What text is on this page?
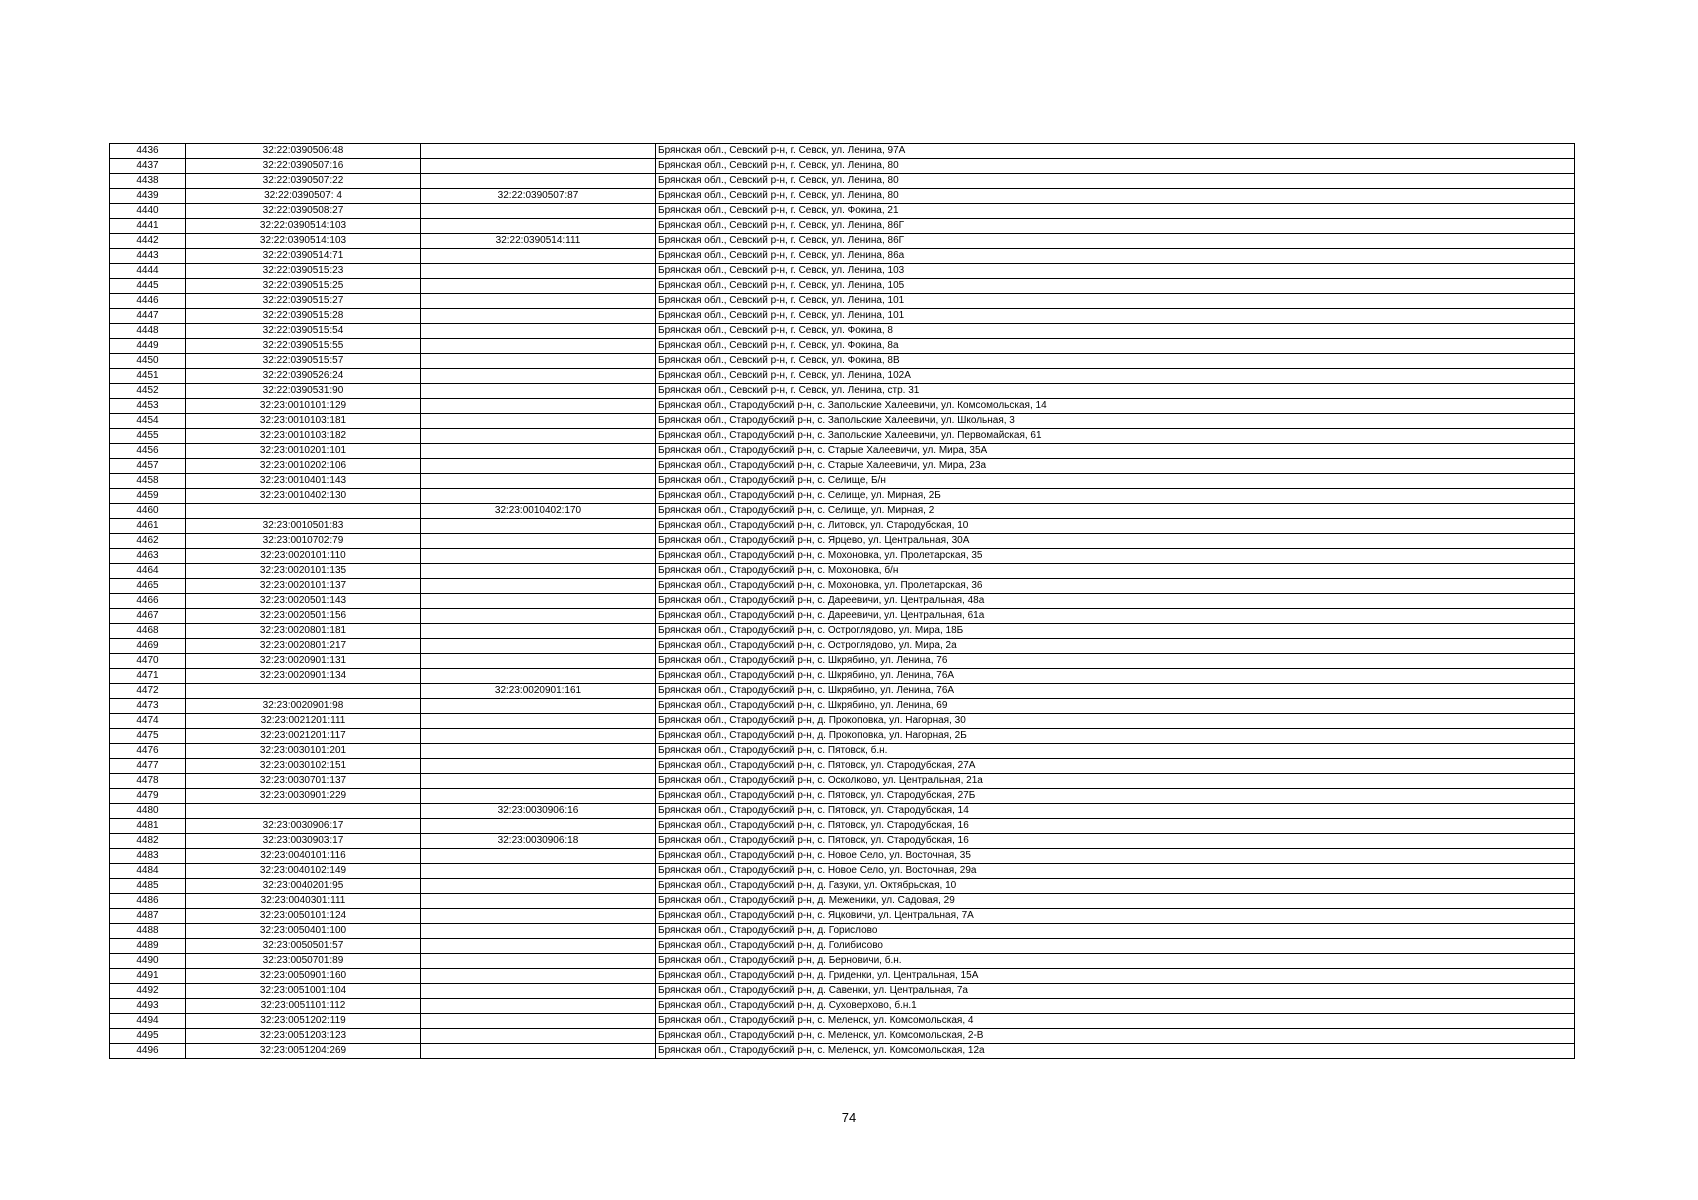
4436	32:22:0390506:48		Брянская обл., Севский р-н, г. Севск, ул. Ленина, 97А
4437	32:22:0390507:16		Брянская обл., Севский р-н, г. Севск, ул. Ленина, 80
4438	32:22:0390507:22		Брянская обл., Севский р-н, г. Севск, ул. Ленина, 80
4439	32:22:0390507: 4	32:22:0390507:87	Брянская обл., Севский р-н, г. Севск, ул. Ленина, 80
4440	32:22:0390508:27		Брянская обл., Севский р-н, г. Севск, ул. Фокина, 21
4441	32:22:0390514:103		Брянская обл., Севский р-н, г. Севск, ул. Ленина, 86Г
4442	32:22:0390514:103	32:22:0390514:111	Брянская обл., Севский р-н, г. Севск, ул. Ленина, 86Г
4443	32:22:0390514:71		Брянская обл., Севский р-н, г. Севск, ул. Ленина, 86а
4444	32:22:0390515:23		Брянская обл., Севский р-н, г. Севск, ул. Ленина, 103
4445	32:22:0390515:25		Брянская обл., Севский р-н, г. Севск, ул. Ленина, 105
4446	32:22:0390515:27		Брянская обл., Севский р-н, г. Севск, ул. Ленина, 101
4447	32:22:0390515:28		Брянская обл., Севский р-н, г. Севск, ул. Ленина, 101
4448	32:22:0390515:54		Брянская обл., Севский р-н, г. Севск, ул. Фокина, 8
4449	32:22:0390515:55		Брянская обл., Севский р-н, г. Севск, ул. Фокина, 8а
4450	32:22:0390515:57		Брянская обл., Севский р-н, г. Севск, ул. Фокина, 8В
4451	32:22:0390526:24		Брянская обл., Севский р-н, г. Севск, ул. Ленина, 102А
4452	32:22:0390531:90		Брянская обл., Севский р-н, г. Севск, ул. Ленина, стр. 31
4453	32:23:0010101:129		Брянская обл., Стародубский р-н, с. Запольские Халеевичи, ул. Комсомольская, 14
4454	32:23:0010103:181		Брянская обл., Стародубский р-н, с. Запольские Халеевичи, ул. Школьная, 3
4455	32:23:0010103:182		Брянская обл., Стародубский р-н, с. Запольские Халеевичи, ул. Первомайская, 61
4456	32:23:0010201:101		Брянская обл., Стародубский р-н, с. Старые Халеевичи, ул. Мира, 35А
4457	32:23:0010202:106		Брянская обл., Стародубский р-н, с. Старые Халеевичи, ул. Мира, 23а
4458	32:23:0010401:143		Брянская обл., Стародубский р-н, с. Селище, Б/н
4459	32:23:0010402:130		Брянская обл., Стародубский р-н, с. Селище, ул. Мирная, 2Б
4460		32:23:0010402:170	Брянская обл., Стародубский р-н, с. Селище, ул. Мирная, 2
4461	32:23:0010501:83		Брянская обл., Стародубский р-н, с. Литовск, ул. Стародубская, 10
4462	32:23:0010702:79		Брянская обл., Стародубский р-н, с. Ярцево, ул. Центральная, 30А
4463	32:23:0020101:110		Брянская обл., Стародубский р-н, с. Мохоновка, ул. Пролетарская, 35
4464	32:23:0020101:135		Брянская обл., Стародубский р-н, с. Мохоновка, б/н
4465	32:23:0020101:137		Брянская обл., Стародубский р-н, с. Мохоновка, ул. Пролетарская, 36
4466	32:23:0020501:143		Брянская обл., Стародубский р-н, с. Дареевичи, ул. Центральная, 48а
4467	32:23:0020501:156		Брянская обл., Стародубский р-н, с. Дареевичи, ул. Центральная, 61а
4468	32:23:0020801:181		Брянская обл., Стародубский р-н, с. Остроглядово, ул. Мира, 18Б
4469	32:23:0020801:217		Брянская обл., Стародубский р-н, с. Остроглядово, ул. Мира, 2а
4470	32:23:0020901:131		Брянская обл., Стародубский р-н, с. Шкрябино, ул. Ленина, 76
4471	32:23:0020901:134		Брянская обл., Стародубский р-н, с. Шкрябино, ул. Ленина, 76А
4472		32:23:0020901:161	Брянская обл., Стародубский р-н, с. Шкрябино, ул. Ленина, 76А
4473	32:23:0020901:98		Брянская обл., Стародубский р-н, с. Шкрябино, ул. Ленина, 69
4474	32:23:0021201:111		Брянская обл., Стародубский р-н, д. Прокоповка, ул. Нагорная, 30
4475	32:23:0021201:117		Брянская обл., Стародубский р-н, д. Прокоповка, ул. Нагорная, 2Б
4476	32:23:0030101:201		Брянская обл., Стародубский р-н, с. Пятовск, б.н.
4477	32:23:0030102:151		Брянская обл., Стародубский р-н, с. Пятовск, ул. Стародубская, 27А
4478	32:23:0030701:137		Брянская обл., Стародубский р-н, с. Осколково, ул. Центральная, 21а
4479	32:23:0030901:229		Брянская обл., Стародубский р-н, с. Пятовск, ул. Стародубская, 27Б
4480		32:23:0030906:16	Брянская обл., Стародубский р-н, с. Пятовск, ул. Стародубская, 14
4481	32:23:0030906:17		Брянская обл., Стародубский р-н, с. Пятовск, ул. Стародубская, 16
4482	32:23:0030903:17	32:23:0030906:18	Брянская обл., Стародубский р-н, с. Пятовск, ул. Стародубская, 16
4483	32:23:0040101:116		Брянская обл., Стародубский р-н, с. Новое Село, ул. Восточная, 35
4484	32:23:0040102:149		Брянская обл., Стародубский р-н, с. Новое Село, ул. Восточная, 29а
4485	32:23:0040201:95		Брянская обл., Стародубский р-н, д. Газуки, ул. Октябрьская, 10
4486	32:23:0040301:111		Брянская обл., Стародубский р-н, д. Меженики, ул. Садовая, 29
4487	32:23:0050101:124		Брянская обл., Стародубский р-н, с. Яцковичи, ул. Центральная, 7А
4488	32:23:0050401:100		Брянская обл., Стародубский р-н, д. Горислово
4489	32:23:0050501:57		Брянская обл., Стародубский р-н, д. Голибисово
4490	32:23:0050701:89		Брянская обл., Стародубский р-н, д. Берновичи, б.н.
4491	32:23:0050901:160		Брянская обл., Стародубский р-н, д. Гриденки, ул. Центральная, 15А
4492	32:23:0051001:104		Брянская обл., Стародубский р-н, д. Савенки, ул. Центральная, 7а
4493	32:23:0051101:112		Брянская обл., Стародубский р-н, д. Суховерхово, б.н.1
4494	32:23:0051202:119		Брянская обл., Стародубский р-н, с. Меленск, ул. Комсомольская, 4
4495	32:23:0051203:123		Брянская обл., Стародубский р-н, с. Меленск, ул. Комсомольская, 2-В
4496	32:23:0051204:269		Брянская обл., Стародубский р-н, с. Меленск, ул. Комсомольская, 12а
74
